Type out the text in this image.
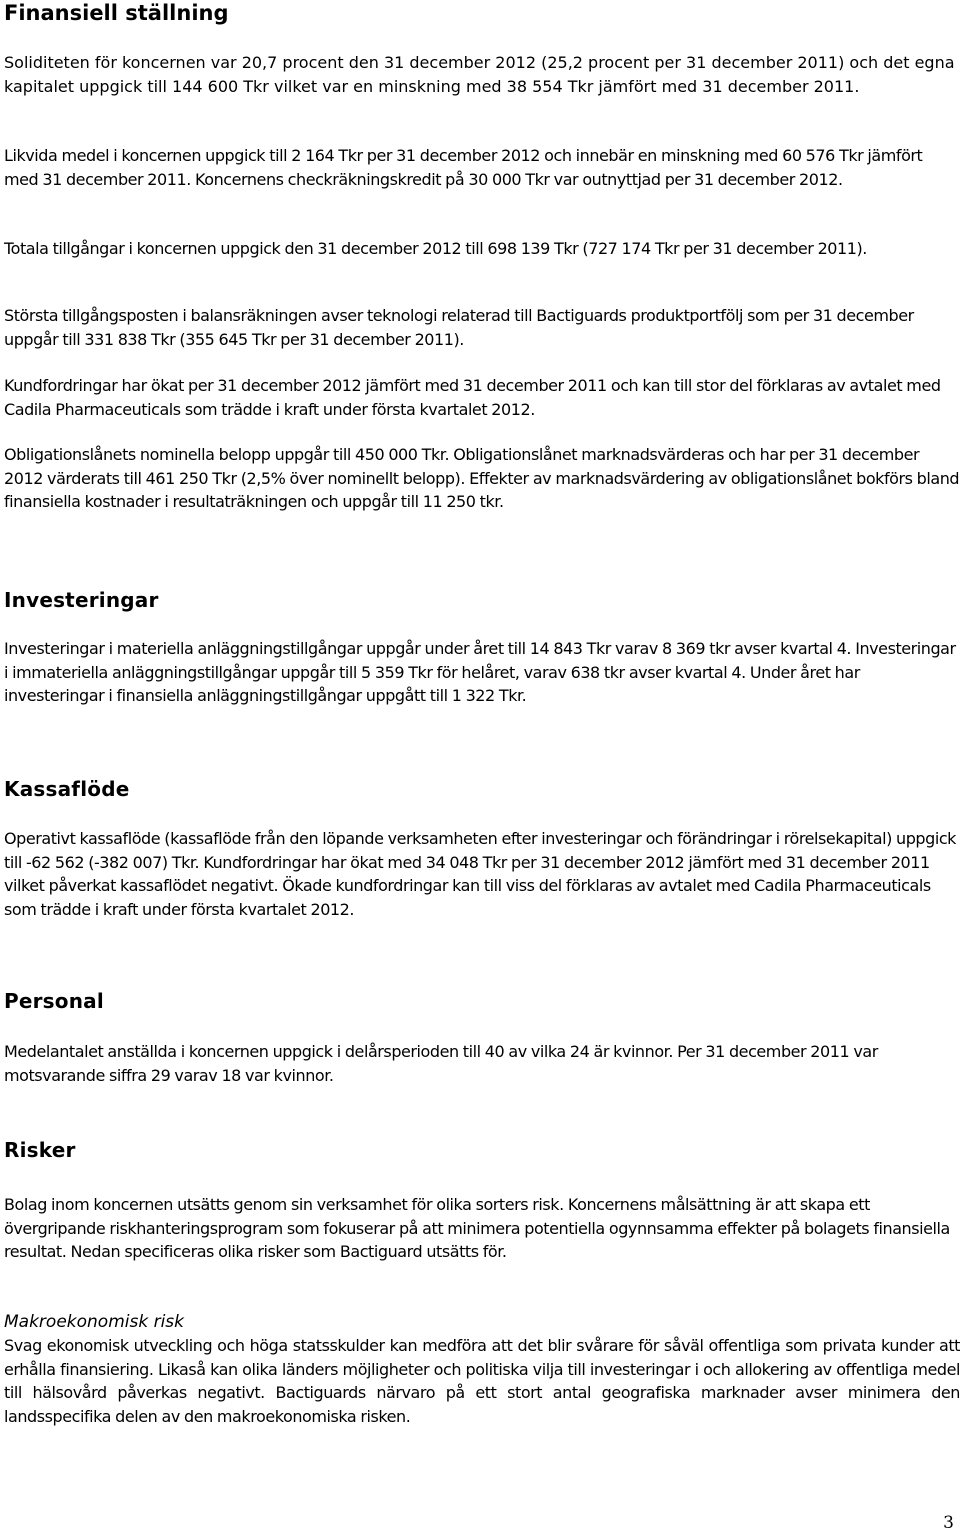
Finansiell ställning

Soliditeten för koncernen var 20,7 procent den 31 december 2012 (25,2 procent per 31 december 2011) och det egna kapitalet uppgick till 144 600 Tkr vilket var en minskning med 38 554 Tkr jämfört med 31 december 2011.

Likvida medel i koncernen uppgick till 2 164 Tkr per 31 december 2012 och innebär en minskning med 60 576 Tkr jämfört med 31 december 2011. Koncernens checkräkningskredit på 30 000 Tkr var outnyttjad per 31 december 2012.

Totala tillgångar i koncernen uppgick den 31 december 2012 till 698 139 Tkr (727 174 Tkr per 31 december 2011).

Största tillgångsposten i balansräkningen avser teknologi relaterad till Bactiguards produktportfölj som per 31 december uppgår till 331 838 Tkr (355 645 Tkr per 31 december 2011).

Kundfordringar har ökat per 31 december 2012 jämfört med 31 december 2011 och kan till stor del förklaras av avtalet med Cadila Pharmaceuticals som trädde i kraft under första kvartalet 2012.

Obligationslånets nominella belopp uppgår till 450 000 Tkr. Obligationslånet marknadsvärderas och har per 31 december 2012 värderats till 461 250 Tkr (2,5% över nominellt belopp). Effekter av marknadsvärdering av obligationslånet bokförs bland finansiella kostnader i resultaträkningen och uppgår till 11 250 tkr.

Investeringar

Investeringar i materiella anläggningstillgångar uppgår under året till 14 843 Tkr varav 8 369 tkr avser kvartal 4. Investeringar i immateriella anläggningstillgångar uppgår till 5 359 Tkr för helåret, varav 638 tkr avser kvartal 4. Under året har investeringar i finansiella anläggningstillgångar uppgått till 1 322 Tkr.

Kassaflöde

Operativt kassaflöde (kassaflöde från den löpande verksamheten efter investeringar och förändringar i rörelsekapital) uppgick till -62 562 (-382 007) Tkr. Kundfordringar har ökat med 34 048 Tkr per 31 december 2012 jämfört med 31 december 2011 vilket påverkat kassaflödet negativt. Ökade kundfordringar kan till viss del förklaras av avtalet med Cadila Pharmaceuticals som trädde i kraft under första kvartalet 2012.

Personal

Medelantalet anställda i koncernen uppgick i delårsperioden till 40 av vilka 24 är kvinnor. Per 31 december 2011 var motsvarande siffra 29 varav 18 var kvinnor.

Risker

Bolag inom koncernen utsätts genom sin verksamhet för olika sorters risk. Koncernens målsättning är att skapa ett övergripande riskhanteringsprogram som fokuserar på att minimera potentiella ogynnsamma effekter på bolagets finansiella resultat. Nedan specificeras olika risker som Bactiguard utsätts för.

Makroekonomisk risk

Svag ekonomisk utveckling och höga statsskulder kan medföra att det blir svårare för såväl offentliga som privata kunder att erhålla finansiering. Likaså kan olika länders möjligheter och politiska vilja till investeringar i och allokering av offentliga medel till hälsovård påverkas negativt. Bactiguards närvaro på ett stort antal geografiska marknader avser minimera den landsspecifika delen av den makroekonomiska risken.

3
